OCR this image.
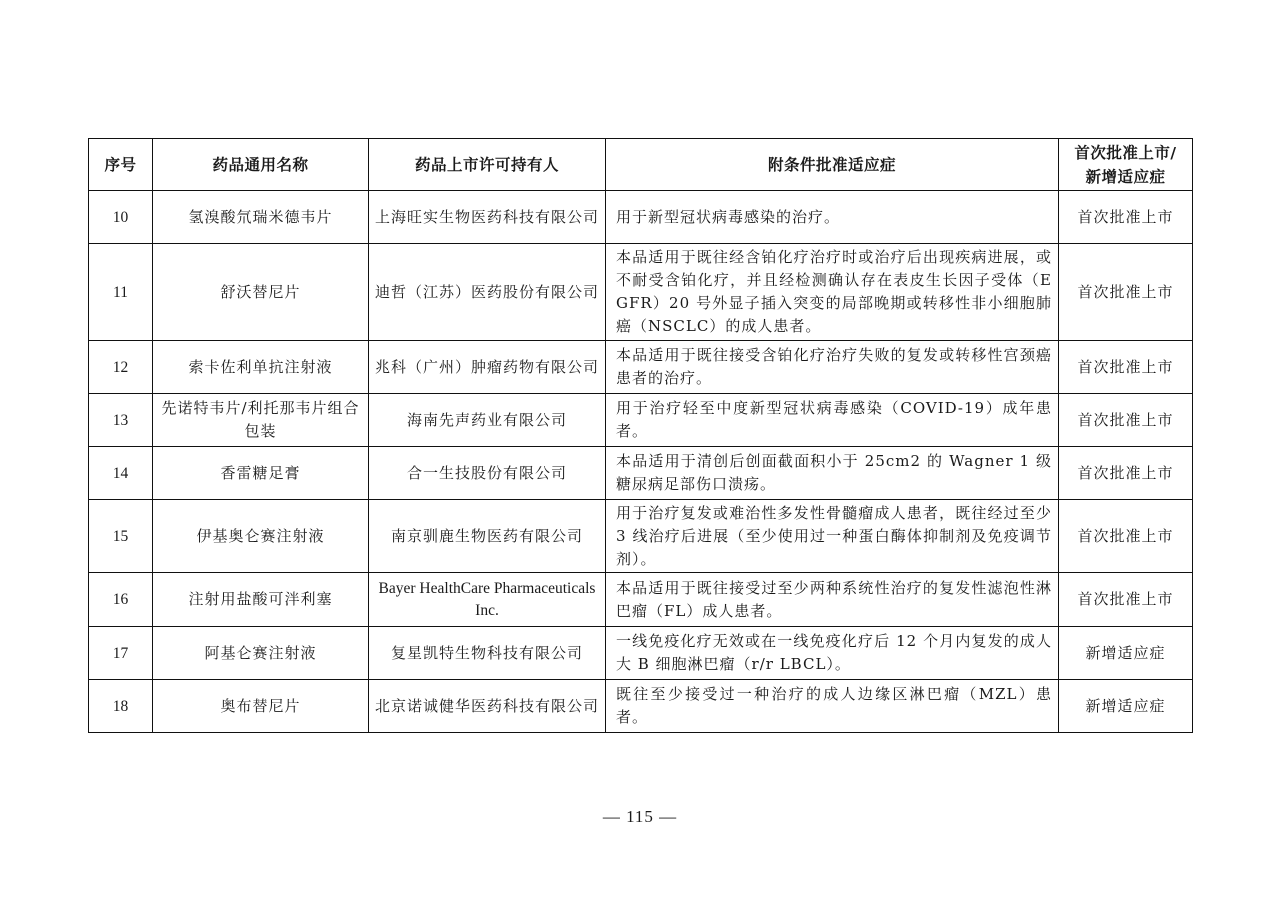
序号	药品通用名称	药品上市许可持有人	附条件批准适应症	首次批准上市/
新增适应症

10	氢溴酸氘瑞米德韦片	上海旺实生物医药科技有限公司	用于新型冠状病毒感染的治疗。	首次批准上市
11	舒沃替尼片	迪哲（江苏）医药股份有限公司	本品适用于既往经含铂化疗治疗时或治疗后出现疾病进展，或不耐受含铂化疗，并且经检测确认存在表皮生长因子受体（EGFR）20 号外显子插入突变的局部晚期或转移性非小细胞肺癌（NSCLC）的成人患者。	首次批准上市
12	索卡佐利单抗注射液	兆科（广州）肿瘤药物有限公司	本品适用于既往接受含铂化疗治疗失败的复发或转移性宫颈癌患者的治疗。	首次批准上市
13	先诺特韦片/利托那韦片组合包装	海南先声药业有限公司	用于治疗轻至中度新型冠状病毒感染（COVID-19）成年患者。	首次批准上市
14	香雷糖足膏	合一生技股份有限公司	本品适用于清创后创面截面积小于 25cm2 的 Wagner 1 级糖尿病足部伤口溃疡。	首次批准上市
15	伊基奥仑赛注射液	南京驯鹿生物医药有限公司	用于治疗复发或难治性多发性骨髓瘤成人患者，既往经过至少 3 线治疗后进展（至少使用过一种蛋白酶体抑制剂及免疫调节剂）。	首次批准上市
16	注射用盐酸可泮利塞	Bayer HealthCare Pharmaceuticals Inc.	本品适用于既往接受过至少两种系统性治疗的复发性滤泡性淋巴瘤（FL）成人患者。	首次批准上市
17	阿基仑赛注射液	复星凯特生物科技有限公司	一线免疫化疗无效或在一线免疫化疗后 12 个月内复发的成人大 B 细胞淋巴瘤（r/r LBCL）。	新增适应症
18	奥布替尼片	北京诺诚健华医药科技有限公司	既往至少接受过一种治疗的成人边缘区淋巴瘤（MZL）患者。	新增适应症
— 115 —
